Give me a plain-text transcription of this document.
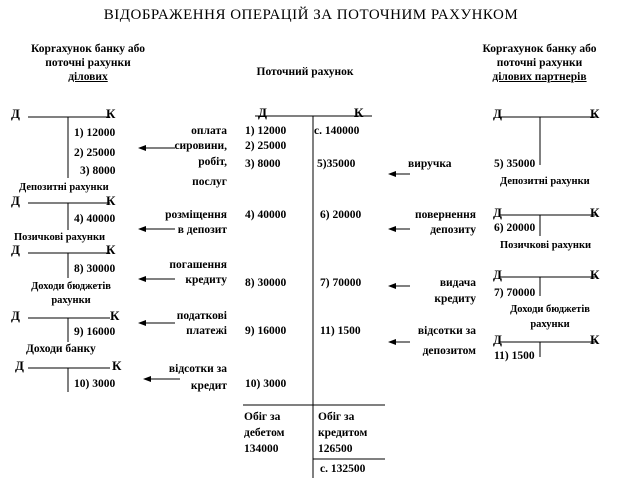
ВІДОБРАЖЕННЯ ОПЕРАЦІЙ ЗА ПОТОЧНИМ РАХУНКОМ
Корrахунок банку або
поточні рахунки
ділових	Поточний рахунок
Корrахунок банку або
поточні рахунки
ділових партнерів
Д	К
1) 12000
2) 25000
3) 8000
Депозитні рахунки
Д	К
4) 40000
Позичкові рахунки
Д	К
8) 30000
Доходи бюджетів
рахунки
Д	К
9) 16000
Доходи банку
Д	К
10) 3000
оплата
сировини,
робіт,
послуг
розміщення
в депозит
погашення
кредиту
податкові
платежі
відсотки за
кредит
Д	К
1) 12000
2) 25000
3) 8000
4) 40000
8) 30000
9) 16000
10) 3000
с. 140000
5)35000
6) 20000
7) 70000
11) 1500
Обіг за
дебетом
134000
Обіг за
кредитом
126500
с. 132500
виручка
повернення
депозиту
видача
кредиту
відсотки за
депозитом
Д	К
5) 35000
Депозитні рахунки
Д	К
6) 20000
Позичкові рахунки
Д	К
7) 70000
Доходи бюджетів
рахунки
Д	К
11) 1500
